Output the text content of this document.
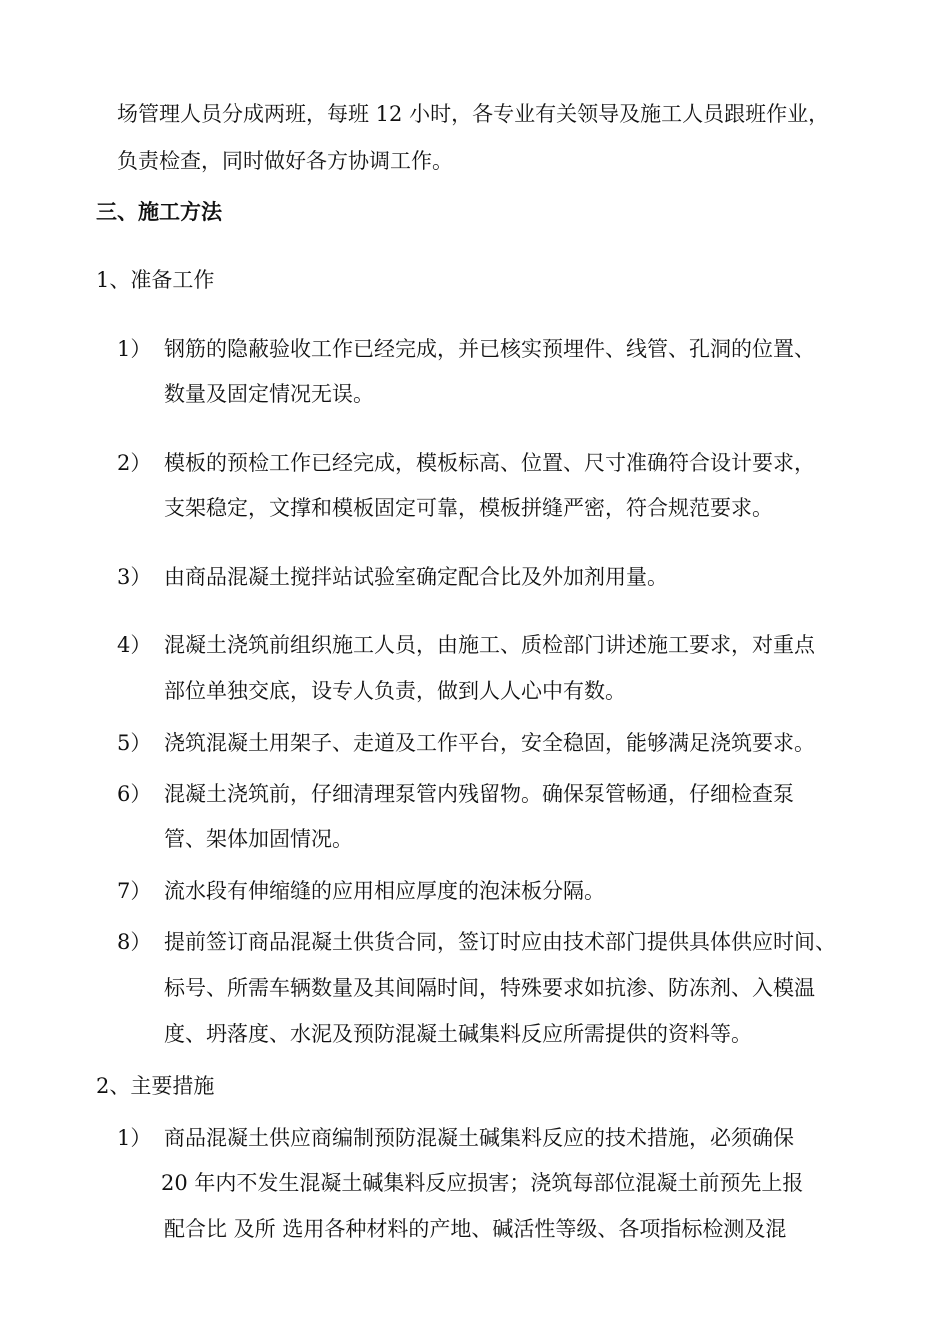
场管理人员分成两班，每班 12 小时，各专业有关领导及施工人员跟班作业，

负责检查，同时做好各方协调工作。

三、施工方法

1、准备工作

1） 钢筋的隐蔽验收工作已经完成，并已核实预埋件、线管、孔洞的位置、
数量及固定情况无误。
2） 模板的预检工作已经完成，模板标高、位置、尺寸准确符合设计要求，
支架稳定，文撑和模板固定可靠，模板拼缝严密，符合规范要求。
3） 由商品混凝土搅拌站试验室确定配合比及外加剂用量。
4） 混凝土浇筑前组织施工人员，由施工、质检部门讲述施工要求，对重点
部位单独交底，设专人负责，做到人人心中有数。
5） 浇筑混凝土用架子、走道及工作平台，安全稳固，能够满足浇筑要求。
6） 混凝土浇筑前，仔细清理泵管内残留物。确保泵管畅通，仔细检查泵
管、架体加固情况。
7） 流水段有伸缩缝的应用相应厚度的泡沫板分隔。
8） 提前签订商品混凝土供货合同，签订时应由技术部门提供具体供应时间、
标号、所需车辆数量及其间隔时间，特殊要求如抗渗、防冻剂、入模温
度、坍落度、水泥及预防混凝土碱集料反应所需提供的资料等。

2、主要措施

1） 商品混凝土供应商编制预防混凝土碱集料反应的技术措施，必须确保
20 年内不发生混凝土碱集料反应损害；浇筑每部位混凝土前预先上报
配合比 及所 选用各种材料的产地、碱活性等级、各项指标检测及混
